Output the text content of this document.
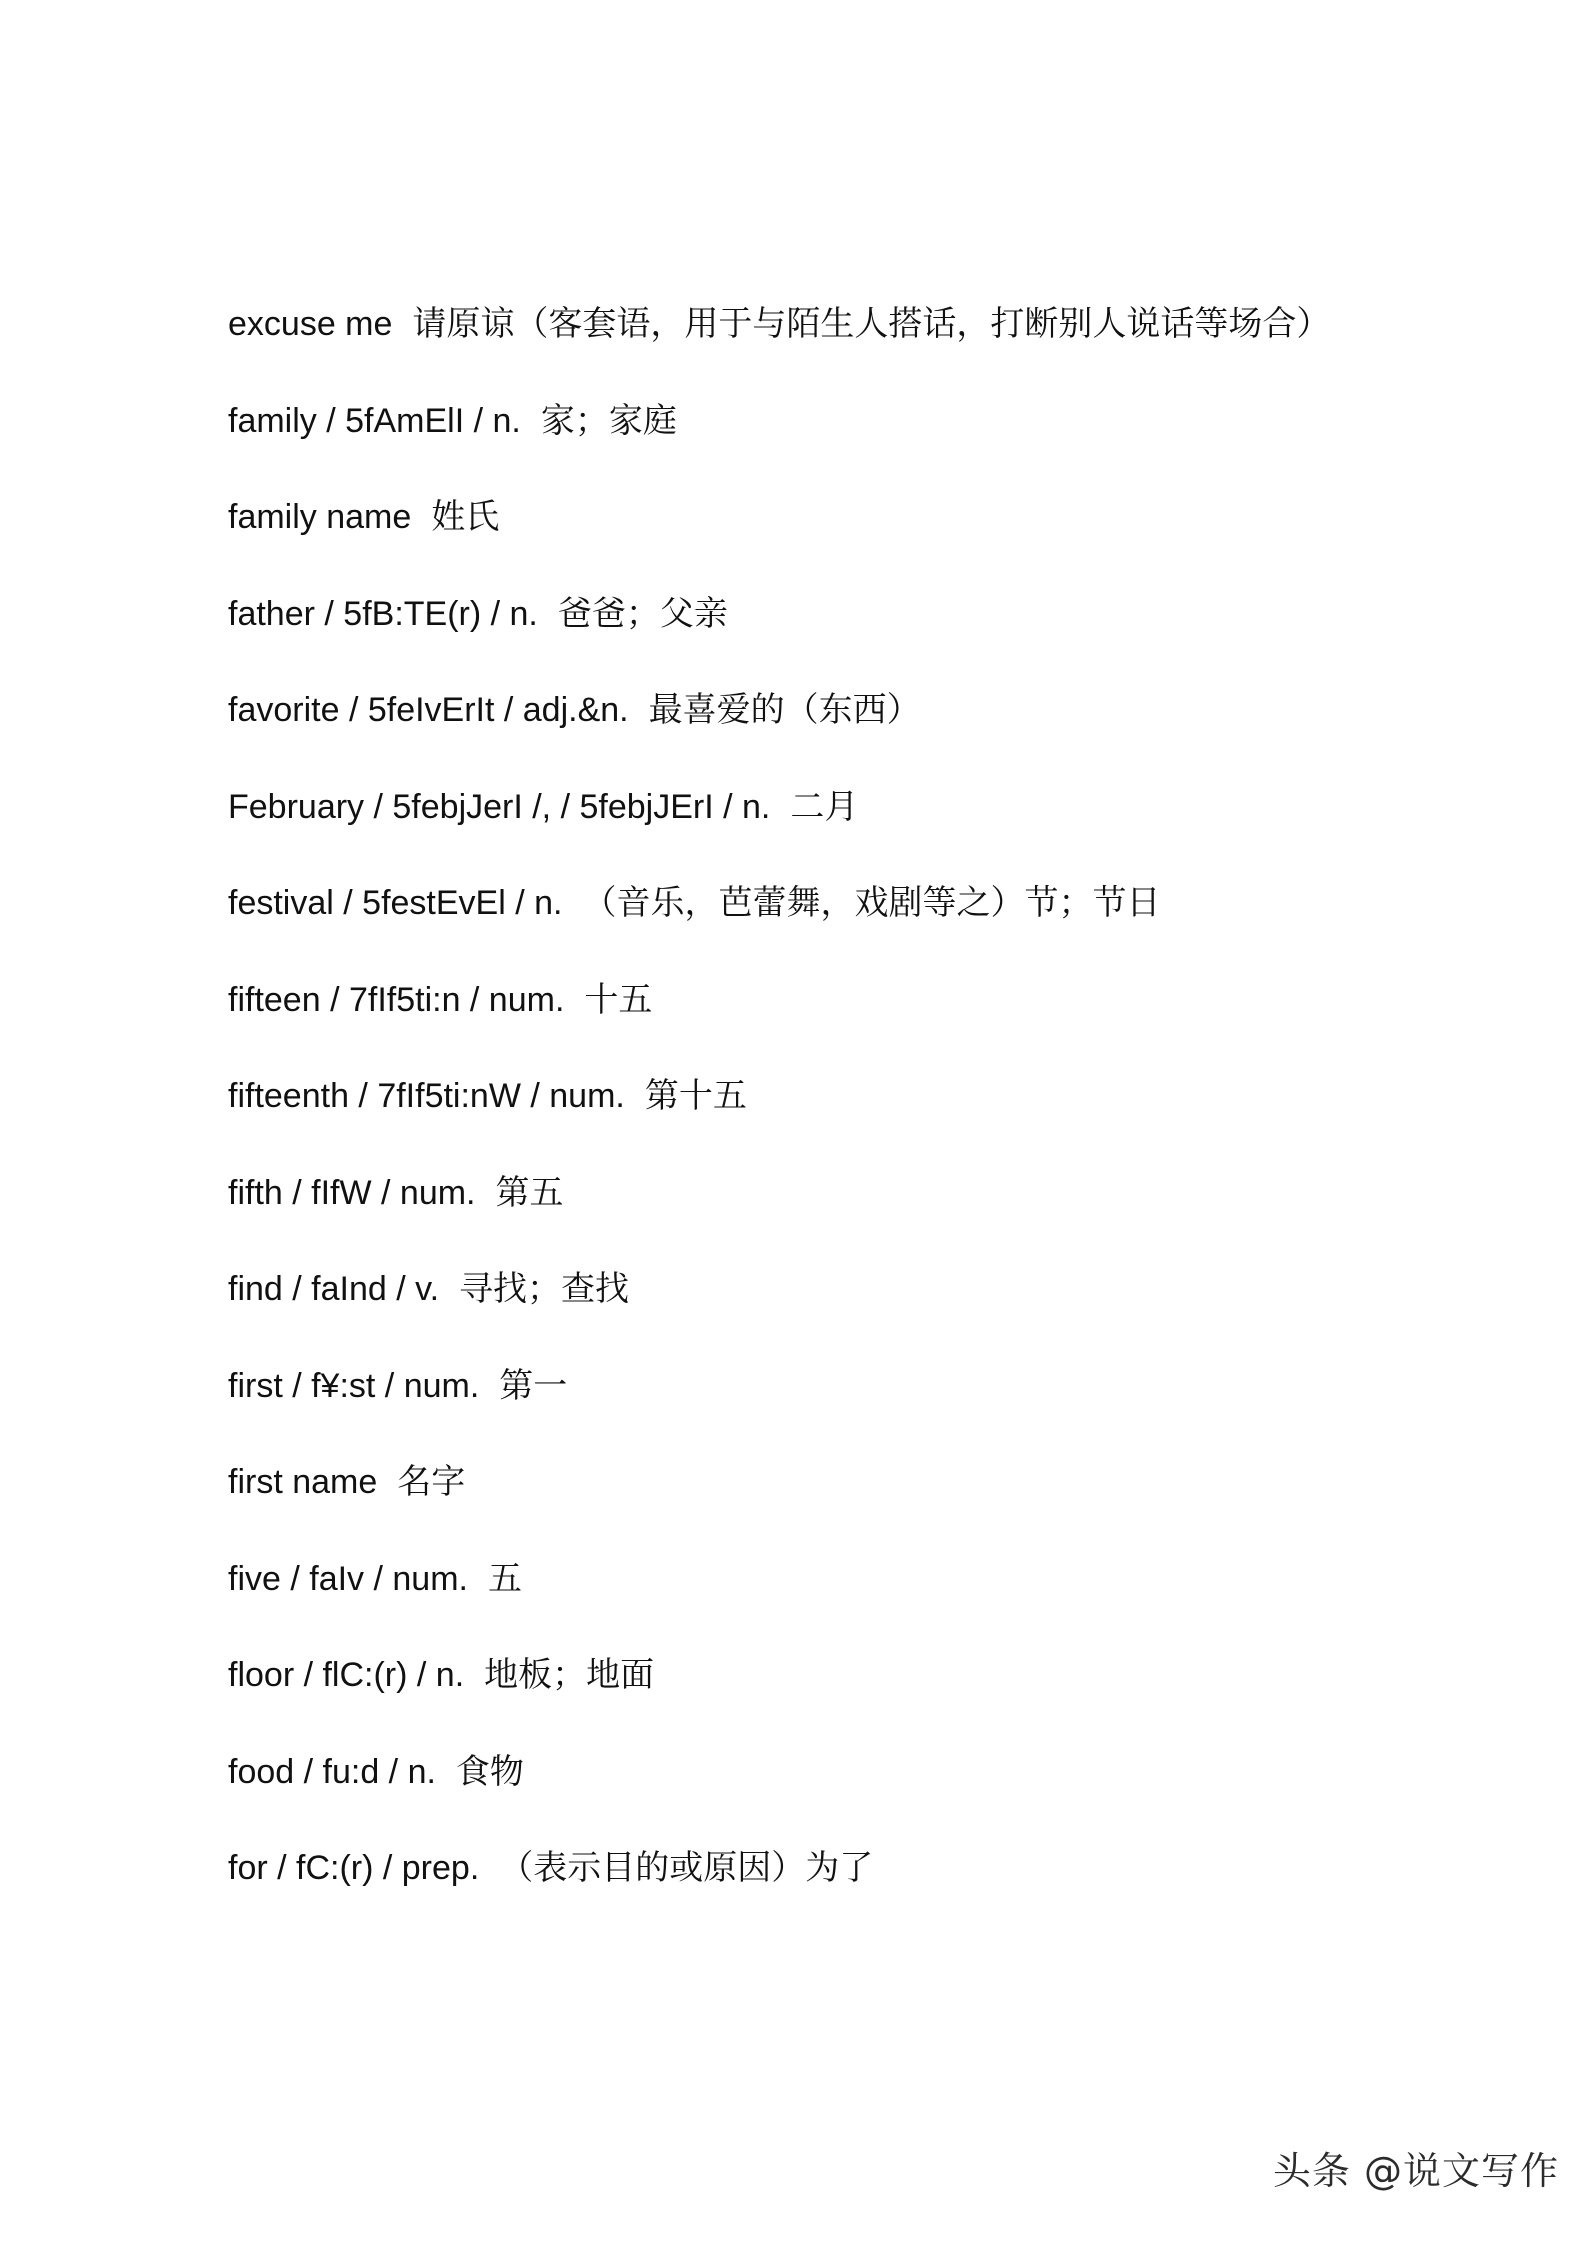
excuse me 请原谅（客套语，用于与陌生人搭话，打断别人说话等场合）
family / 5fAmElI / n. 家；家庭
family name 姓氏
father / 5fB:TE(r) / n. 爸爸；父亲
favorite / 5feIvErIt / adj.&n. 最喜爱的（东西）
February / 5febjJerI /, / 5febjJErI / n. 二月
festival / 5festEvEl / n. （音乐，芭蕾舞，戏剧等之）节；节日
fifteen / 7fIf5ti:n / num. 十五
fifteenth / 7fIf5ti:nW / num. 第十五
fifth / fIfW / num. 第五
find / faInd / v. 寻找；查找
first / f¥:st / num. 第一
first name 名字
five / faIv / num. 五
floor / flC:(r) / n. 地板；地面
food / fu:d / n. 食物
for / fC:(r) / prep. （表示目的或原因）为了
头条 @说文写作
